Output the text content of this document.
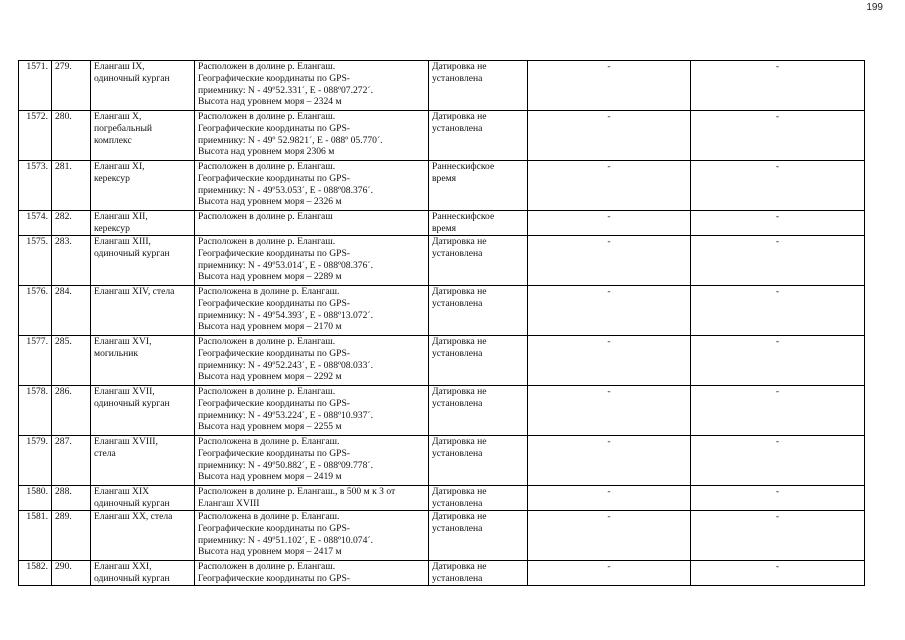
199
1571.	279.	Елангаш IX,
одиночный курган	Расположен в долине р. Елангаш.
Географические координаты по GPS-
приемнику: N - 49º52.331´, E - 088º07.272´.
Высота над уровнем моря – 2324 м	Датировка не
установлена	-	-
1572.	280.	Елангаш X,
погребальный
комплекс	Расположен в долине р. Елангаш.
Географические координаты по GPS-
приемнику: N - 49º 52.9821´, E - 088º 05.770´.
Высота над уровнем моря 2306 м	Датировка не
установлена	-	-
1573.	281.	Елангаш XI,
керексур	Расположен в долине р. Елангаш.
Географические координаты по GPS-
приемнику: N - 49º53.053´, E - 088º08.376´.
Высота над уровнем моря – 2326 м	Раннескифское
время	-	-
1574.	282.	Елангаш XII,
керексур	Расположен в долине р. Елангаш	Раннескифское
время	-	-
1575.	283.	Елангаш XIII,
одиночный курган	Расположен в долине р. Елангаш.
Географические координаты по GPS-
приемнику: N - 49º53.014´, E - 088º08.376´.
Высота над уровнем моря – 2289 м	Датировка не
установлена	-	-
1576.	284.	Елангаш XIV, стела	Расположена в долине р. Елангаш.
Географические координаты по GPS-
приемнику: N - 49º54.393´, E - 088º13.072´.
Высота над уровнем моря – 2170 м	Датировка не
установлена	-	-
1577.	285.	Елангаш XVI,
могильник	Расположен в долине р. Елангаш.
Географические координаты по GPS-
приемнику: N - 49º52.243´, E - 088º08.033´.
Высота над уровнем моря – 2292 м	Датировка не
установлена	-	-
1578.	286.	Елангаш XVII,
одиночный курган	Расположен в долине р. Елангаш.
Географические координаты по GPS-
приемнику: N - 49º53.224´, E - 088º10.937´.
Высота над уровнем моря – 2255 м	Датировка не
установлена	-	-
1579.	287.	Елангаш XVIII,
стела	Расположена в долине р. Елангаш.
Географические координаты по GPS-
приемнику: N - 49º50.882´, E - 088º09.778´.
Высота над уровнем моря – 2419 м	Датировка не
установлена	-	-
1580.	288.	Елангаш XIX
одиночный курган	Расположен в долине р. Елангаш., в 500 м к З от
Елангаш XVIII	Датировка не
установлена	-	-
1581.	289.	Елангаш XX, стела	Расположена в долине р. Елангаш.
Географические координаты по GPS-
приемнику: N - 49º51.102´, E - 088º10.074´.
Высота над уровнем моря – 2417 м	Датировка не
установлена	-	-
1582.	290.	Елангаш XXI,
одиночный курган	Расположен в долине р. Елангаш.
Географические координаты по GPS-	Датировка не
установлена	-	-
